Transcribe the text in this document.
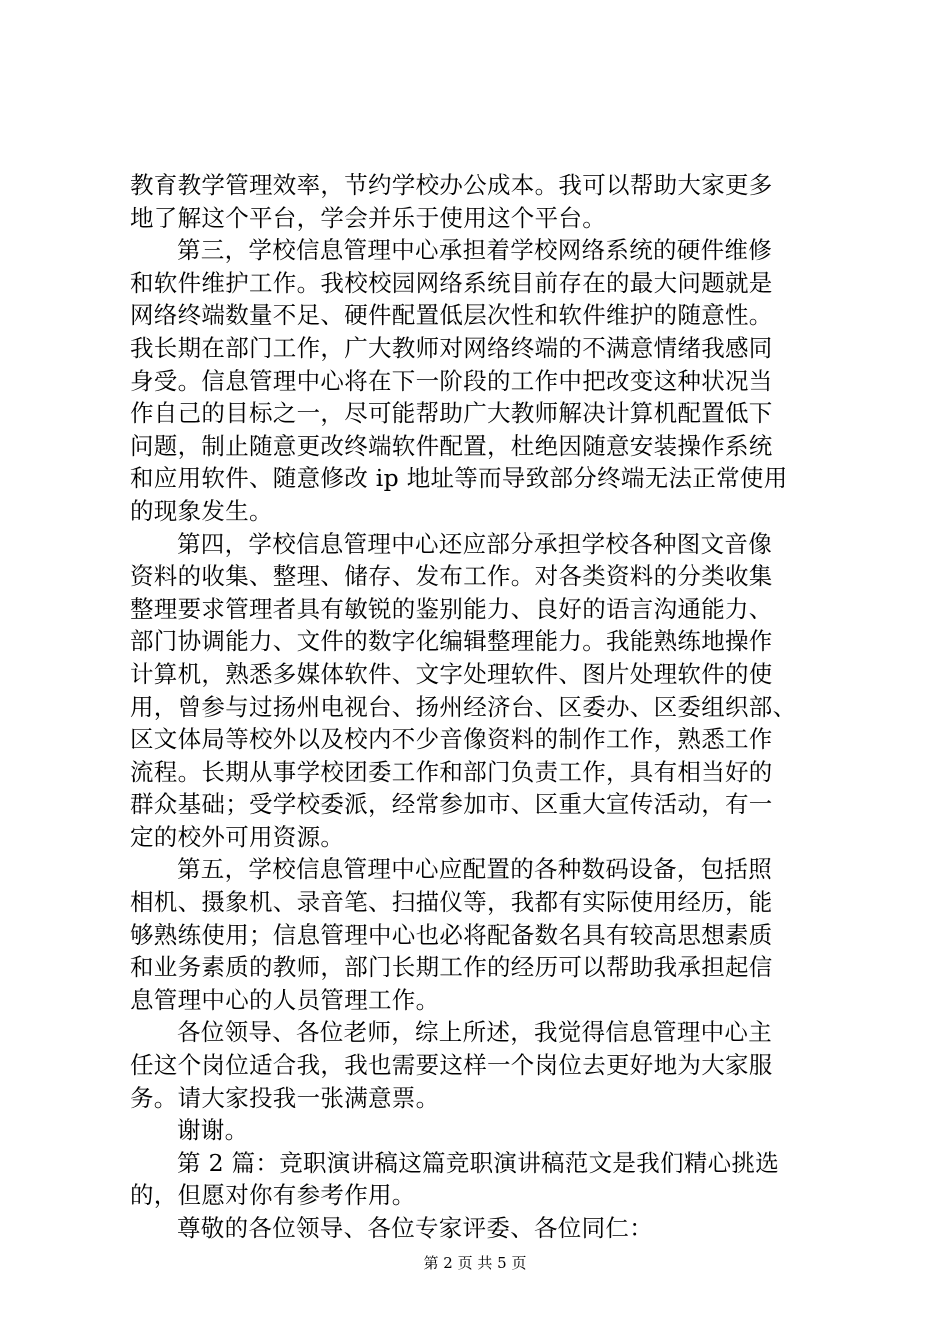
教育教学管理效率，节约学校办公成本。我可以帮助大家更多
地了解这个平台，学会并乐于使用这个平台。
第三，学校信息管理中心承担着学校网络系统的硬件维修
和软件维护工作。我校校园网络系统目前存在的最大问题就是
网络终端数量不足、硬件配置低层次性和软件维护的随意性。
我长期在部门工作，广大教师对网络终端的不满意情绪我感同
身受。信息管理中心将在下一阶段的工作中把改变这种状况当
作自己的目标之一，尽可能帮助广大教师解决计算机配置低下
问题，制止随意更改终端软件配置，杜绝因随意安装操作系统
和应用软件、随意修改 ip 地址等而导致部分终端无法正常使用
的现象发生。
第四，学校信息管理中心还应部分承担学校各种图文音像
资料的收集、整理、储存、发布工作。对各类资料的分类收集
整理要求管理者具有敏锐的鉴别能力、良好的语言沟通能力、
部门协调能力、文件的数字化编辑整理能力。我能熟练地操作
计算机，熟悉多媒体软件、文字处理软件、图片处理软件的使
用，曾参与过扬州电视台、扬州经济台、区委办、区委组织部、
区文体局等校外以及校内不少音像资料的制作工作，熟悉工作
流程。长期从事学校团委工作和部门负责工作，具有相当好的
群众基础；受学校委派，经常参加市、区重大宣传活动，有一
定的校外可用资源。
第五，学校信息管理中心应配置的各种数码设备，包括照
相机、摄象机、录音笔、扫描仪等，我都有实际使用经历，能
够熟练使用；信息管理中心也必将配备数名具有较高思想素质
和业务素质的教师，部门长期工作的经历可以帮助我承担起信
息管理中心的人员管理工作。
各位领导、各位老师，综上所述，我觉得信息管理中心主
任这个岗位适合我，我也需要这样一个岗位去更好地为大家服
务。请大家投我一张满意票。
谢谢。
第 2 篇：竞职演讲稿这篇竞职演讲稿范文是我们精心挑选
的，但愿对你有参考作用。
尊敬的各位领导、各位专家评委、各位同仁：
第 2 页 共 5 页
